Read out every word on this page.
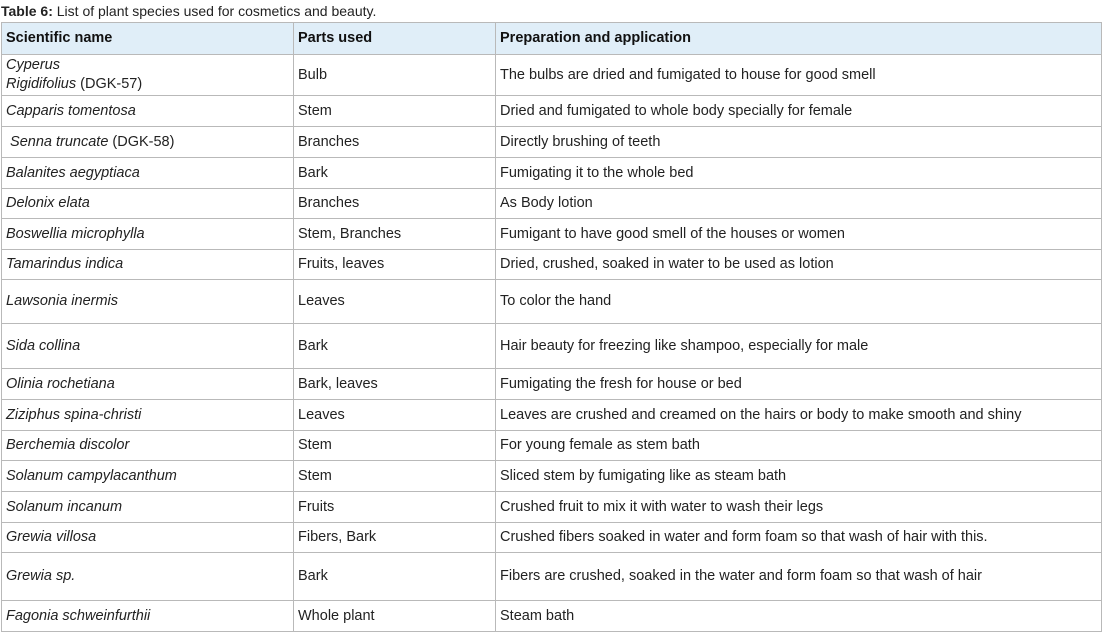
Table 6: List of plant species used for cosmetics and beauty.
Scientific name	Parts used	Preparation and application
Cyperus
Rigidifolius (DGK-57)	Bulb	The bulbs are dried and fumigated to house for good smell
Capparis tomentosa	Stem	Dried and fumigated to whole body specially for female
Senna truncate (DGK-58)	Branches	Directly brushing of teeth
Balanites aegyptiaca	Bark	Fumigating it to the whole bed
Delonix elata	Branches	As Body lotion
Boswellia microphylla	Stem, Branches	Fumigant to have good smell of the houses or women
Tamarindus indica	Fruits, leaves	Dried, crushed, soaked in water to be used as lotion
Lawsonia inermis	Leaves	To color the hand
Sida collina	Bark	Hair beauty for freezing like shampoo, especially for male
Olinia rochetiana	Bark, leaves	Fumigating the fresh for house or bed
Ziziphus spina-christi	Leaves	Leaves are crushed and creamed on the hairs or body to make smooth and shiny
Berchemia discolor	Stem	For young female as stem bath
Solanum campylacanthum	Stem	Sliced stem by fumigating like as steam bath
Solanum incanum	Fruits	Crushed fruit to mix it with water to wash their legs
Grewia villosa	Fibers, Bark	Crushed fibers soaked in water and form foam so that wash of hair with this.
Grewia sp.	Bark	Fibers are crushed, soaked in the water and form foam so that wash of hair
Fagonia schweinfurthii	Whole plant	Steam bath
